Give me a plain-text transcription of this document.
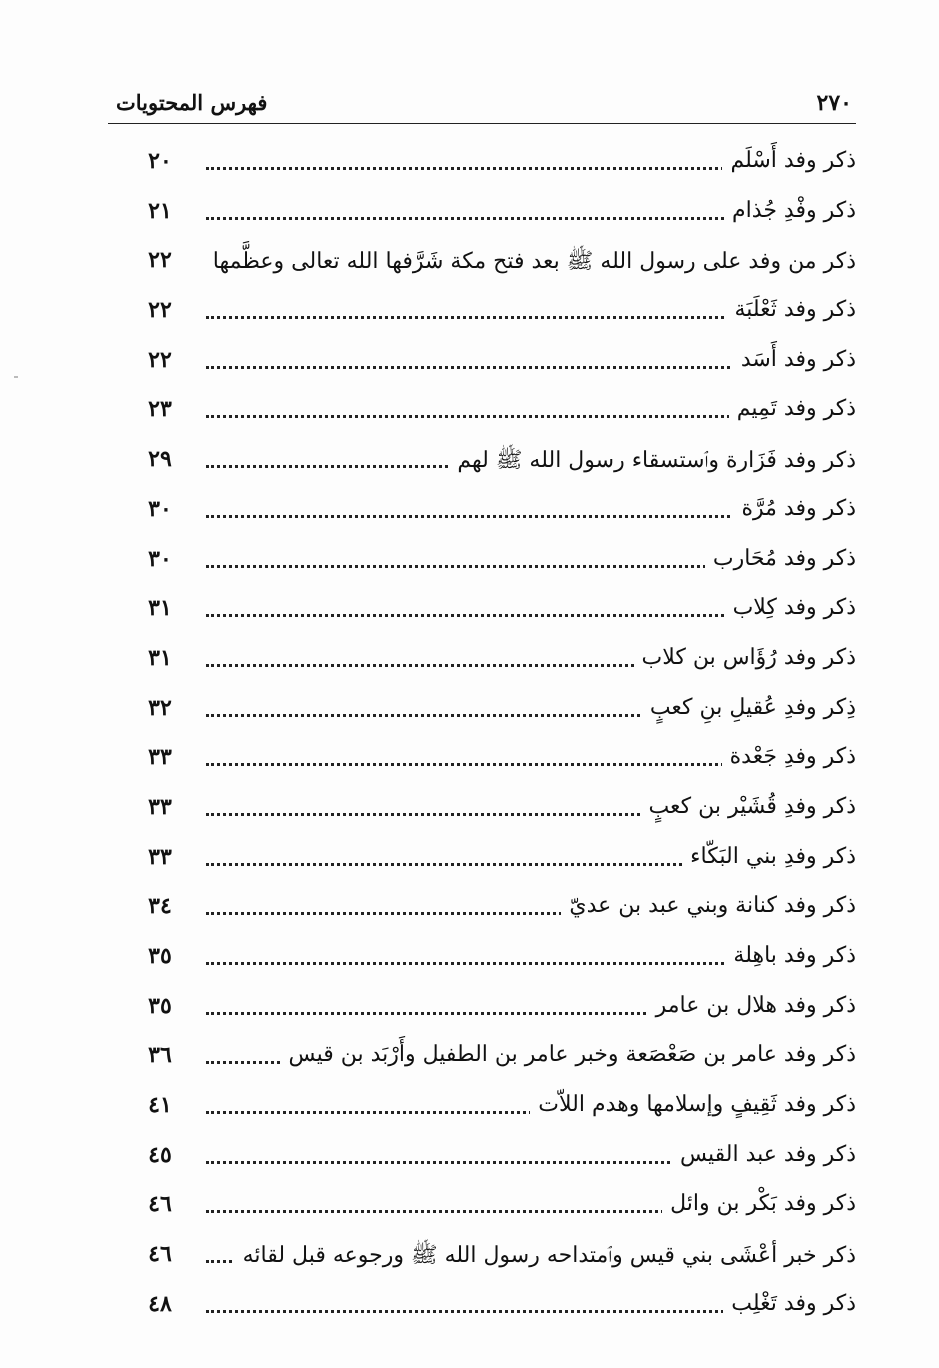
فهرس المحتويات	٢٧٠
ذكر وفد أَسْلَم
٢٠
ذكر وفْدِ جُذام
٢١
ذكر من وفد على رسول الله ﷺ بعد فتح مكة شَرَّفها الله تعالى وعظَّمها
٢٢
ذكر وفد ثَعْلَبَة
٢٢
ذكر وفد أَسَد
٢٢
ذكر وفد تَمِيم
٢٣
ذكر وفد فَزَارة وٱستسقاء رسول الله ﷺ لهم
٢٩
ذكر وفد مُرَّة
٣٠
ذكر وفد مُحَارب
٣٠
ذكر وفد كِلاب
٣١
ذكر وفد رُؤَاس بن كلاب
٣١
ذِكر وفدِ عُقيلِ بنِ كعبٍ
٣٢
ذكر وفدِ جَعْدة
٣٣
ذكر وفدِ قُشَيْر بن كعبٍ
٣٣
ذكر وفدِ بني البَكّاء
٣٣
ذكر وفد كنانة وبني عبد بن عديّ
٣٤
ذكر وفد باهِلة
٣٥
ذكر وفد هلال بن عامر
٣٥
ذكر وفد عامر بن صَعْصَعة وخبر عامر بن الطفيل وأَرْبَد بن قيس
٣٦
ذكر وفد ثَقِيفٍ وإسلامها وهدم اللاّت
٤١
ذكر وفد عبد القيس
٤٥
ذكر وفد بَكْر بن وائل
٤٦
ذكر خبر أعْشَى بني قيس وٱمتداحه رسول الله ﷺ ورجوعه قبل لقائه
٤٦
ذكر وفد تَغْلِب
٤٨
